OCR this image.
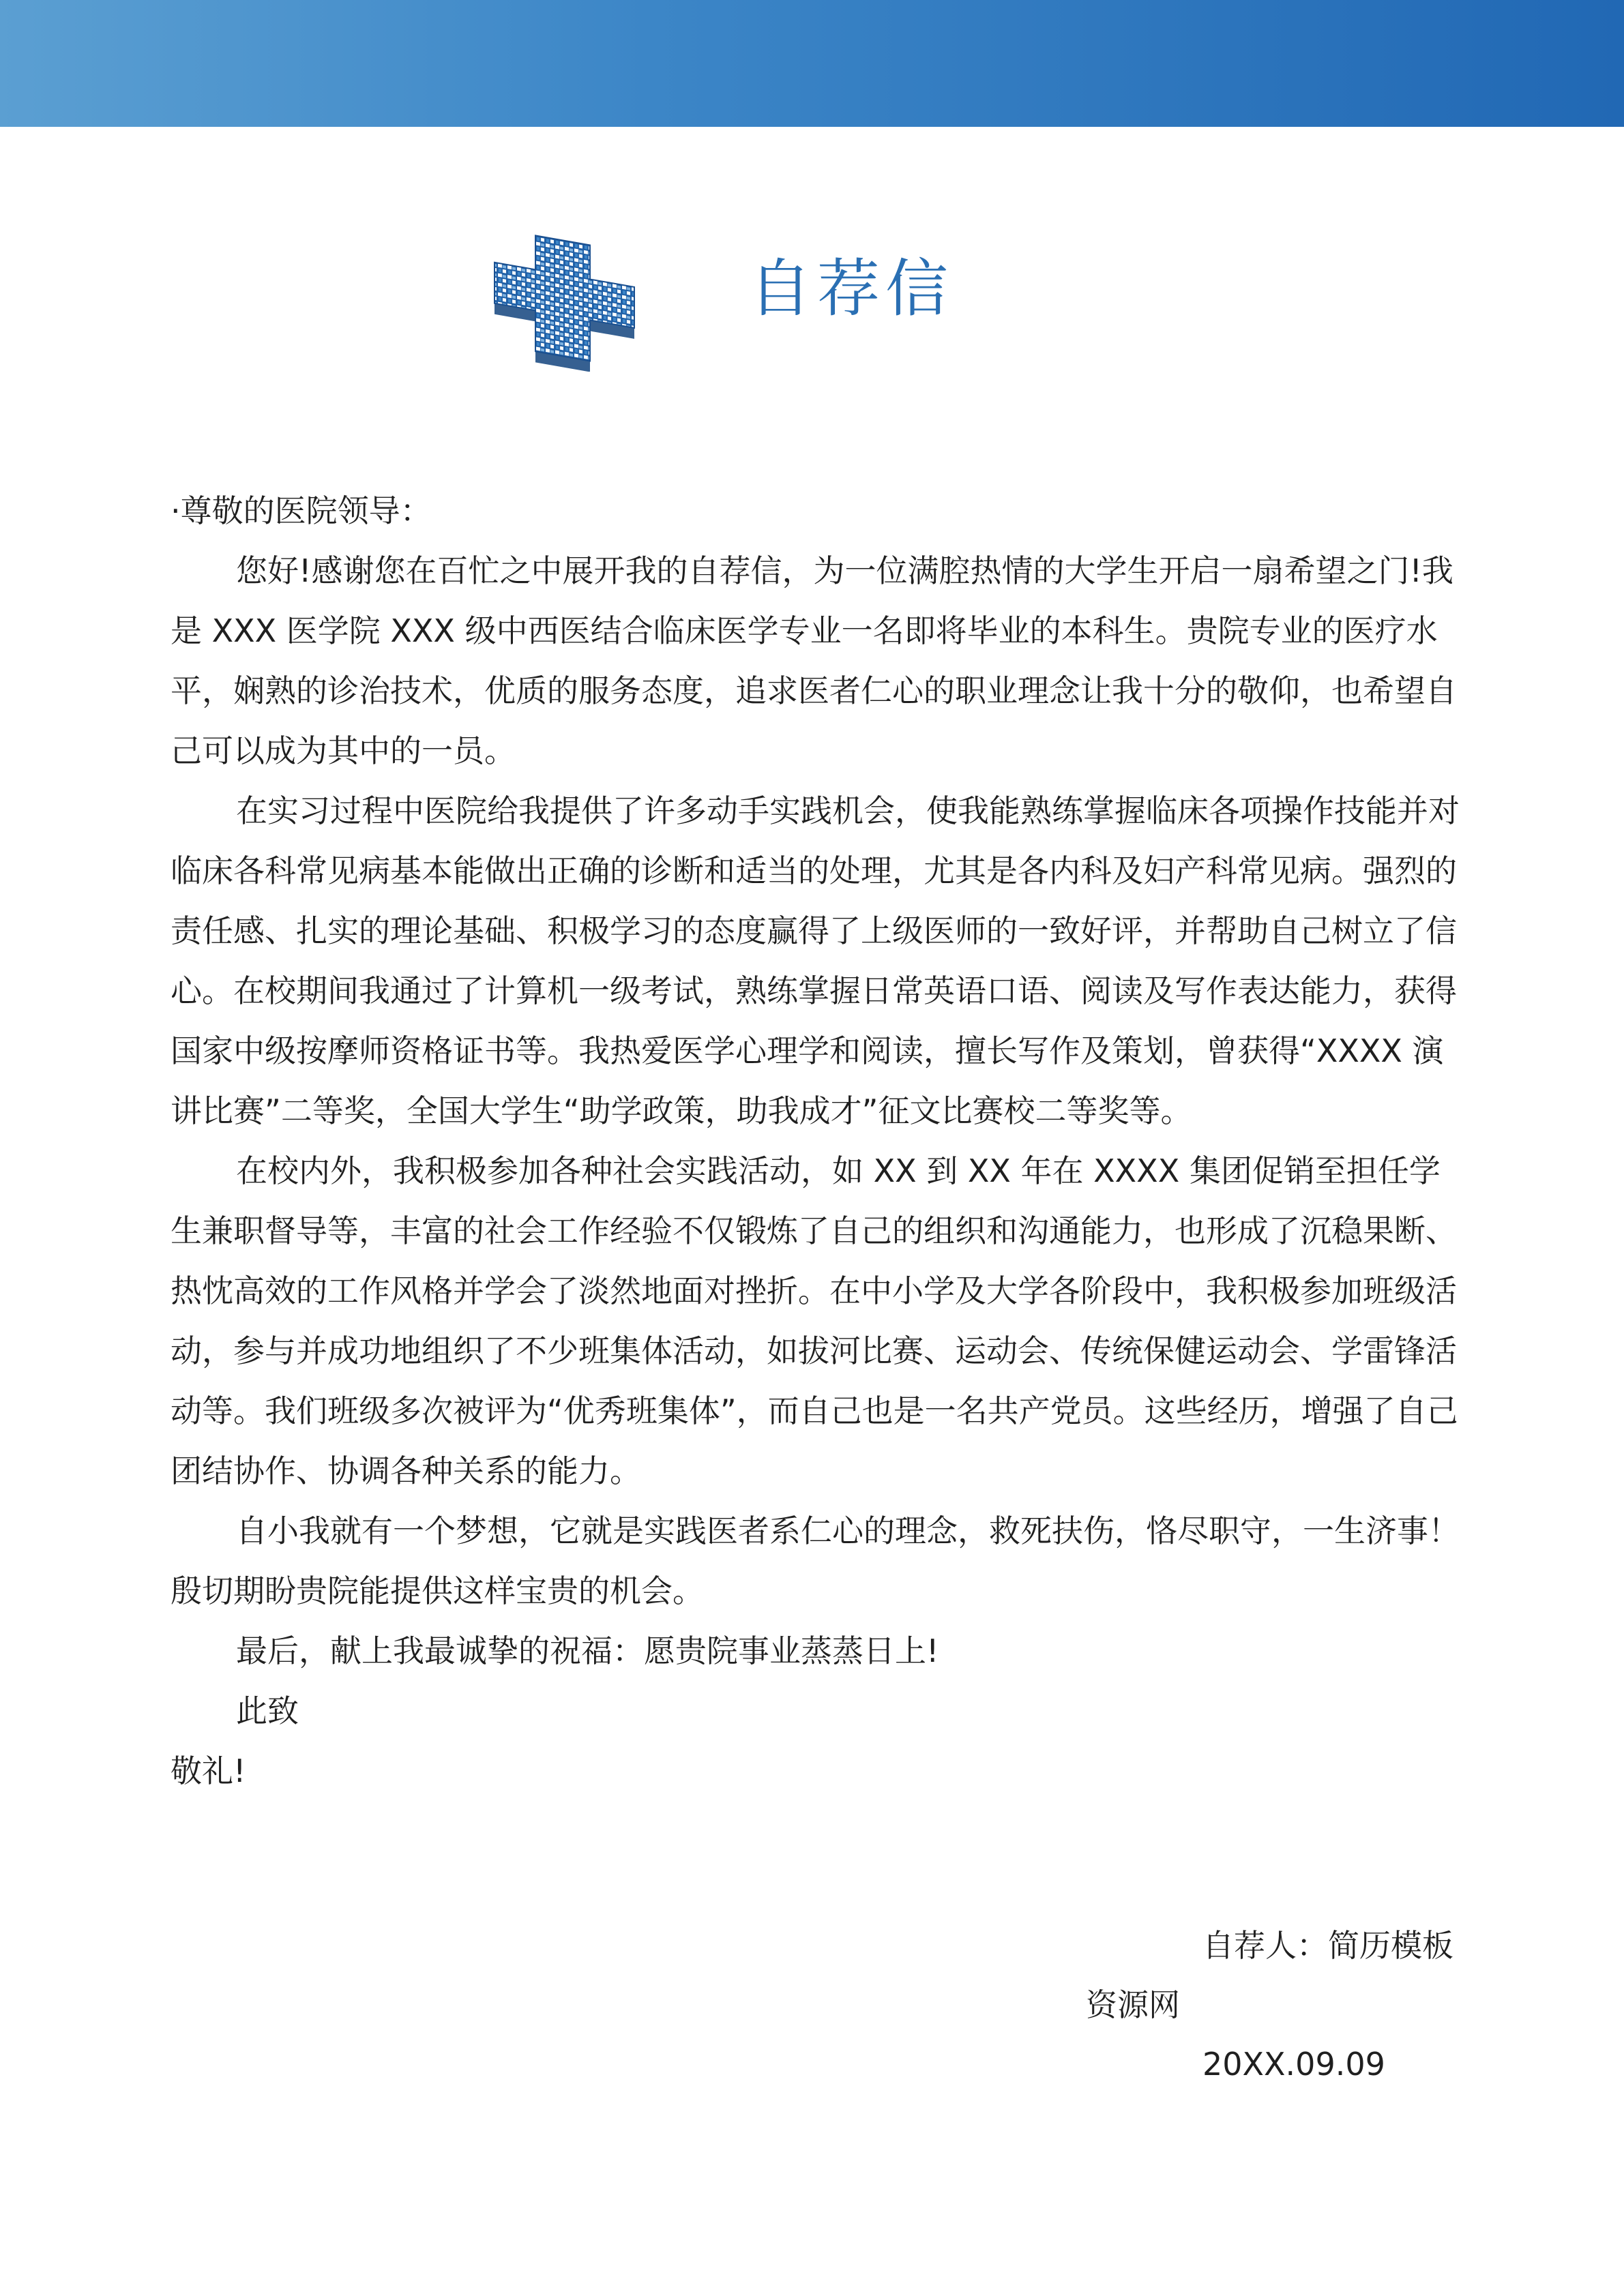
自荐信

·尊敬的医院领导：

您好!感谢您在百忙之中展开我的自荐信，为一位满腔热情的大学生开启一扇希望之门!我是 XXX 医学院 XXX 级中西医结合临床医学专业一名即将毕业的本科生。贵院专业的医疗水平，娴熟的诊治技术，优质的服务态度，追求医者仁心的职业理念让我十分的敬仰，也希望自己可以成为其中的一员。

在实习过程中医院给我提供了许多动手实践机会，使我能熟练掌握临床各项操作技能并对临床各科常见病基本能做出正确的诊断和适当的处理，尤其是各内科及妇产科常见病。强烈的责任感、扎实的理论基础、积极学习的态度赢得了上级医师的一致好评，并帮助自己树立了信心。在校期间我通过了计算机一级考试，熟练掌握日常英语口语、阅读及写作表达能力，获得国家中级按摩师资格证书等。我热爱医学心理学和阅读，擅长写作及策划，曾获得“XXXX 演讲比赛”二等奖，全国大学生“助学政策，助我成才”征文比赛校二等奖等。

在校内外，我积极参加各种社会实践活动，如 XX 到 XX 年在 XXXX 集团促销至担任学生兼职督导等，丰富的社会工作经验不仅锻炼了自己的组织和沟通能力，也形成了沉稳果断、热忱高效的工作风格并学会了淡然地面对挫折。在中小学及大学各阶段中，我积极参加班级活动，参与并成功地组织了不少班集体活动，如拔河比赛、运动会、传统保健运动会、学雷锋活动等。我们班级多次被评为“优秀班集体”，而自己也是一名共产党员。这些经历，增强了自己团结协作、协调各种关系的能力。

自小我就有一个梦想，它就是实践医者系仁心的理念，救死扶伤，恪尽职守，一生济事！殷切期盼贵院能提供这样宝贵的机会。

最后，献上我最诚挚的祝福：愿贵院事业蒸蒸日上!

此致

敬礼!

自荐人：简历模板
资源网
20XX.09.09
